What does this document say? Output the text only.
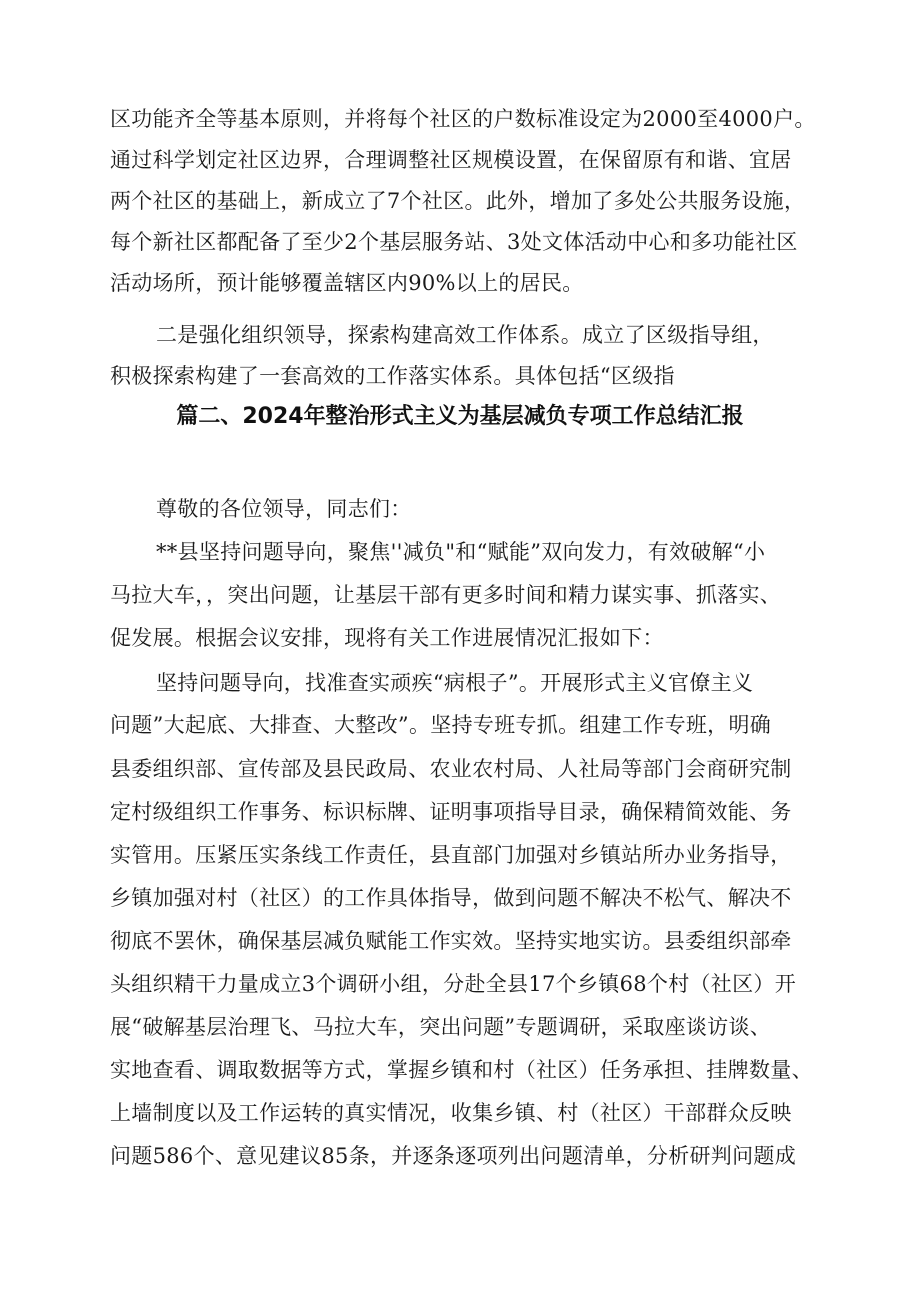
区功能齐全等基本原则，并将每个社区的户数标准设定为2000至4000户。
通过科学划定社区边界，合理调整社区规模设置，在保留原有和谐、宜居
两个社区的基础上，新成立了7个社区。此外，增加了多处公共服务设施，
每个新社区都配备了至少2个基层服务站、3处文体活动中心和多功能社区
活动场所，预计能够覆盖辖区内90%以上的居民。
二是强化组织领导，探索构建高效工作体系。成立了区级指导组，
积极探索构建了一套高效的工作落实体系。具体包括“区级指
篇二、2024年整治形式主义为基层减负专项工作总结汇报
尊敬的各位领导，同志们：
**县坚持问题导向，聚焦''减负"和“赋能”双向发力，有效破解“小
马拉大车，，突出问题，让基层干部有更多时间和精力谋实事、抓落实、
促发展。根据会议安排，现将有关工作进展情况汇报如下：
坚持问题导向，找准查实顽疾“病根子”。开展形式主义官僚主义
问题”大起底、大排查、大整改”。坚持专班专抓。组建工作专班，明确
县委组织部、宣传部及县民政局、农业农村局、人社局等部门会商研究制
定村级组织工作事务、标识标牌、证明事项指导目录，确保精简效能、务
实管用。压紧压实条线工作责任，县直部门加强对乡镇站所办业务指导，
乡镇加强对村（社区）的工作具体指导，做到问题不解决不松气、解决不
彻底不罢休，确保基层减负赋能工作实效。坚持实地实访。县委组织部牵
头组织精干力量成立3个调研小组，分赴全县17个乡镇68个村（社区）开
展“破解基层治理飞、马拉大车，突出问题”专题调研，采取座谈访谈、
实地查看、调取数据等方式，掌握乡镇和村（社区）任务承担、挂牌数量、
上墙制度以及工作运转的真实情况，收集乡镇、村（社区）干部群众反映
问题586个、意见建议85条，并逐条逐项列出问题清单，分析研判问题成
